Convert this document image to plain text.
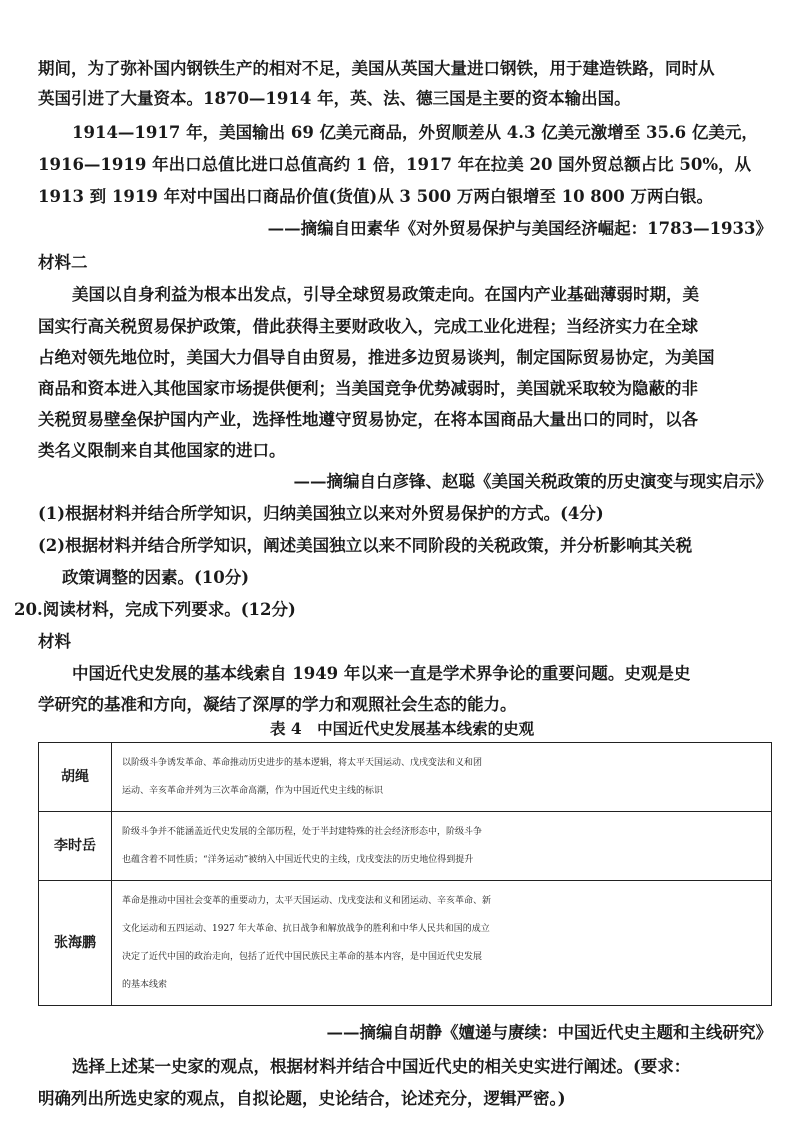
期间，为了弥补国内钢铁生产的相对不足，美国从英国大量进口钢铁，用于建造铁路，同时从
英国引进了大量资本。1870—1914 年，英、法、德三国是主要的资本输出国。
1914—1917 年，美国输出 69 亿美元商品，外贸顺差从 4.3 亿美元激增至 35.6 亿美元，
1916—1919 年出口总值比进口总值高约 1 倍，1917 年在拉美 20 国外贸总额占比 50%，从
1913 到 1919 年对中国出口商品价值(货值)从 3 500 万两白银增至 10 800 万两白银。
——摘编自田素华《对外贸易保护与美国经济崛起：1783—1933》
材料二
美国以自身利益为根本出发点，引导全球贸易政策走向。在国内产业基础薄弱时期，美
国实行高关税贸易保护政策，借此获得主要财政收入，完成工业化进程；当经济实力在全球
占绝对领先地位时，美国大力倡导自由贸易，推进多边贸易谈判，制定国际贸易协定，为美国
商品和资本进入其他国家市场提供便利；当美国竞争优势减弱时，美国就采取较为隐蔽的非
关税贸易壁垒保护国内产业，选择性地遵守贸易协定，在将本国商品大量出口的同时，以各
类名义限制来自其他国家的进口。
——摘编自白彦锋、赵聪《美国关税政策的历史演变与现实启示》
(1)根据材料并结合所学知识，归纳美国独立以来对外贸易保护的方式。(4分)
(2)根据材料并结合所学知识，阐述美国独立以来不同阶段的关税政策，并分析影响其关税
政策调整的因素。(10分)
20.阅读材料，完成下列要求。(12分)
材料
中国近代史发展的基本线索自 1949 年以来一直是学术界争论的重要问题。史观是史
学研究的基准和方向，凝结了深厚的学力和观照社会生态的能力。
表 4　中国近代史发展基本线索的史观
胡绳	以阶级斗争诱发革命、革命推动历史进步的基本逻辑，将太平天国运动、戊戌变法和义和团
运动、辛亥革命并列为三次革命高潮，作为中国近代史主线的标识

李时岳	阶级斗争并不能涵盖近代史发展的全部历程，处于半封建特殊的社会经济形态中，阶级斗争
也蕴含着不同性质；“洋务运动”被纳入中国近代史的主线，戊戌变法的历史地位得到提升

张海鹏	革命是推动中国社会变革的重要动力，太平天国运动、戊戌变法和义和团运动、辛亥革命、新
文化运动和五四运动、1927 年大革命、抗日战争和解放战争的胜利和中华人民共和国的成立
决定了近代中国的政治走向，包括了近代中国民族民主革命的基本内容，是中国近代史发展
的基本线索
——摘编自胡静《嬗递与赓续：中国近代史主题和主线研究》
选择上述某一史家的观点，根据材料并结合中国近代史的相关史实进行阐述。(要求：
明确列出所选史家的观点，自拟论题，史论结合，论述充分，逻辑严密。)
